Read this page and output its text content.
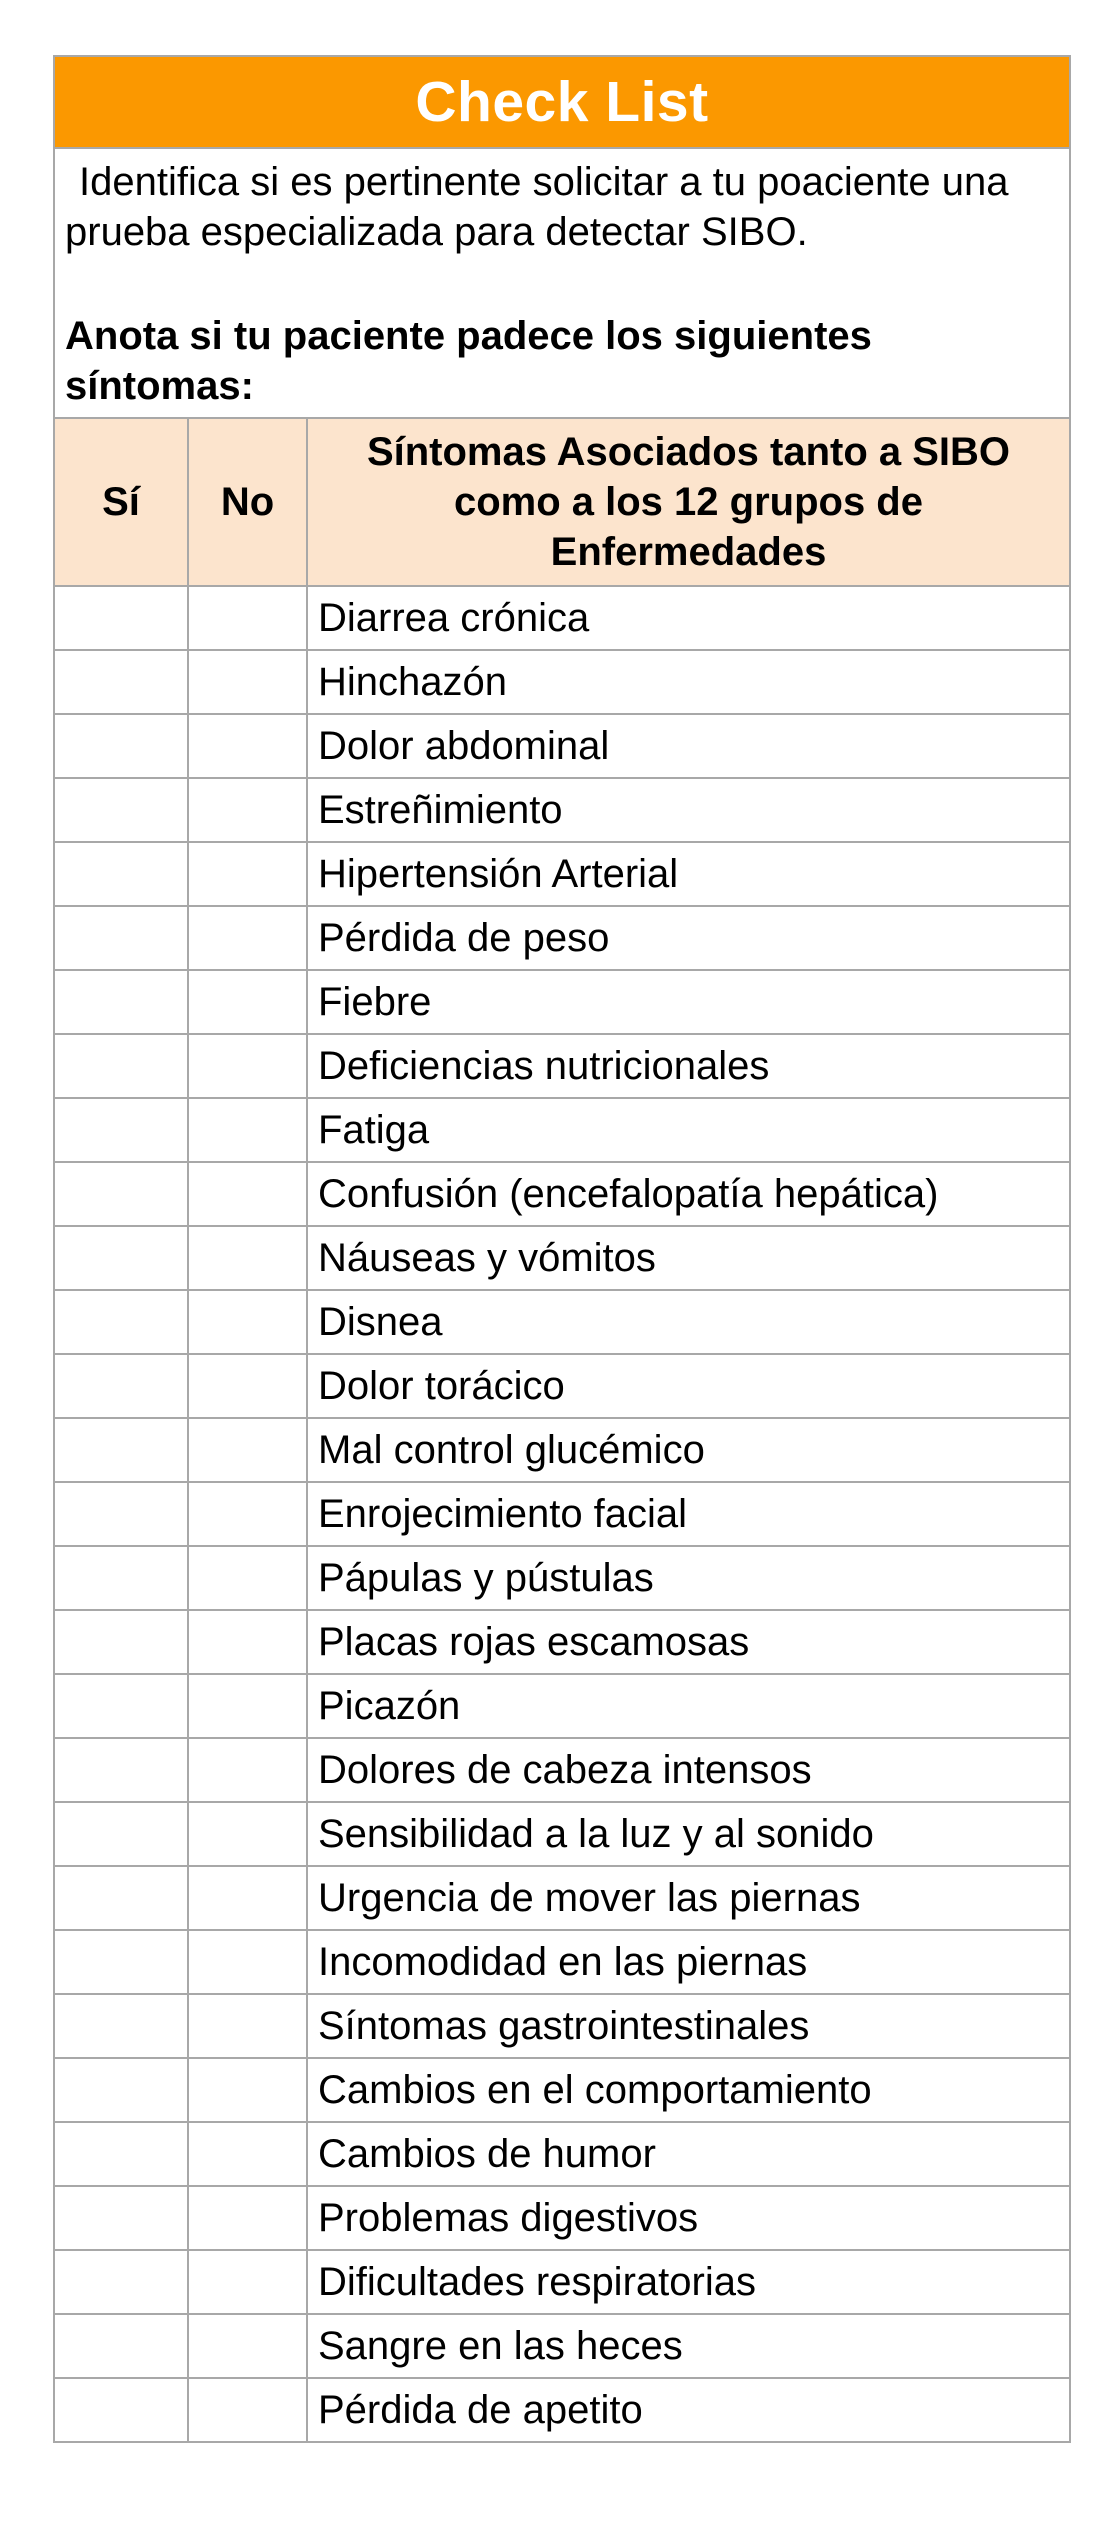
Check List

Identifica si es pertinente solicitar a tu poaciente una prueba especializada para detectar SIBO.

Anota si tu paciente padece los siguientes síntomas:

Sí	No	Síntomas Asociados tanto a SIBO como a los 12 grupos de Enfermedades
		Diarrea crónica
		Hinchazón
		Dolor abdominal
		Estreñimiento
		Hipertensión Arterial
		Pérdida de peso
		Fiebre
		Deficiencias nutricionales
		Fatiga
		Confusión (encefalopatía hepática)
		Náuseas y vómitos
		Disnea
		Dolor torácico
		Mal control glucémico
		Enrojecimiento facial
		Pápulas y pústulas
		Placas rojas escamosas
		Picazón
		Dolores de cabeza intensos
		Sensibilidad a la luz y al sonido
		Urgencia de mover las piernas
		Incomodidad en las piernas
		Síntomas gastrointestinales
		Cambios en el comportamiento
		Cambios de humor
		Problemas digestivos
		Dificultades respiratorias
		Sangre en las heces
		Pérdida de apetito
